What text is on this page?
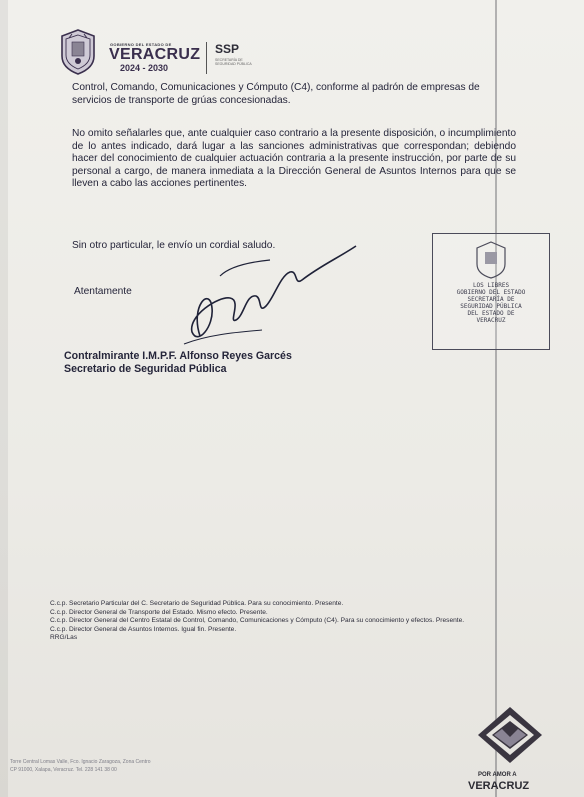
GOBIERNO DEL ESTADO DE
VERACRUZ
2024 - 2030
SSP
SECRETARÍA DE SEGURIDAD PÚBLICA
Control, Comando, Comunicaciones y Cómputo (C4), conforme al padrón de empresas de servicios de transporte de grúas concesionadas.
No omito señalarles que, ante cualquier caso contrario a la presente disposición, o incumplimiento de lo antes indicado, dará lugar a las sanciones administrativas que correspondan; debiendo hacer del conocimiento de cualquier actuación contraria a la presente instrucción, por parte de su personal a cargo, de manera inmediata a la Dirección General de Asuntos Internos para que se lleven a cabo las acciones pertinentes.
Sin otro particular, le envío un cordial saludo.
Atentamente
Contralmirante I.M.P.F. Alfonso Reyes Garcés
Secretario de Seguridad Pública
LOS LIBRES
GOBIERNO DEL ESTADO
SECRETARÍA DE
SEGURIDAD PÚBLICA
DEL ESTADO DE
VERACRUZ
C.c.p. Secretario Particular del C. Secretario de Seguridad Pública. Para su conocimiento. Presente.
C.c.p. Director General de Transporte del Estado. Mismo efecto. Presente.
C.c.p. Director General del Centro Estatal de Control, Comando, Comunicaciones y Cómputo (C4). Para su conocimiento y efectos. Presente.
C.c.p. Director General de Asuntos Internos. Igual fin. Presente.
RRG/Las
Torre Central Lomas Valle, Fco. Ignacio Zaragoza, Zona Centro
CP 91000, Xalapa, Veracruz. Tel. 228 141 38 00
POR AMOR A
VERACRUZ
